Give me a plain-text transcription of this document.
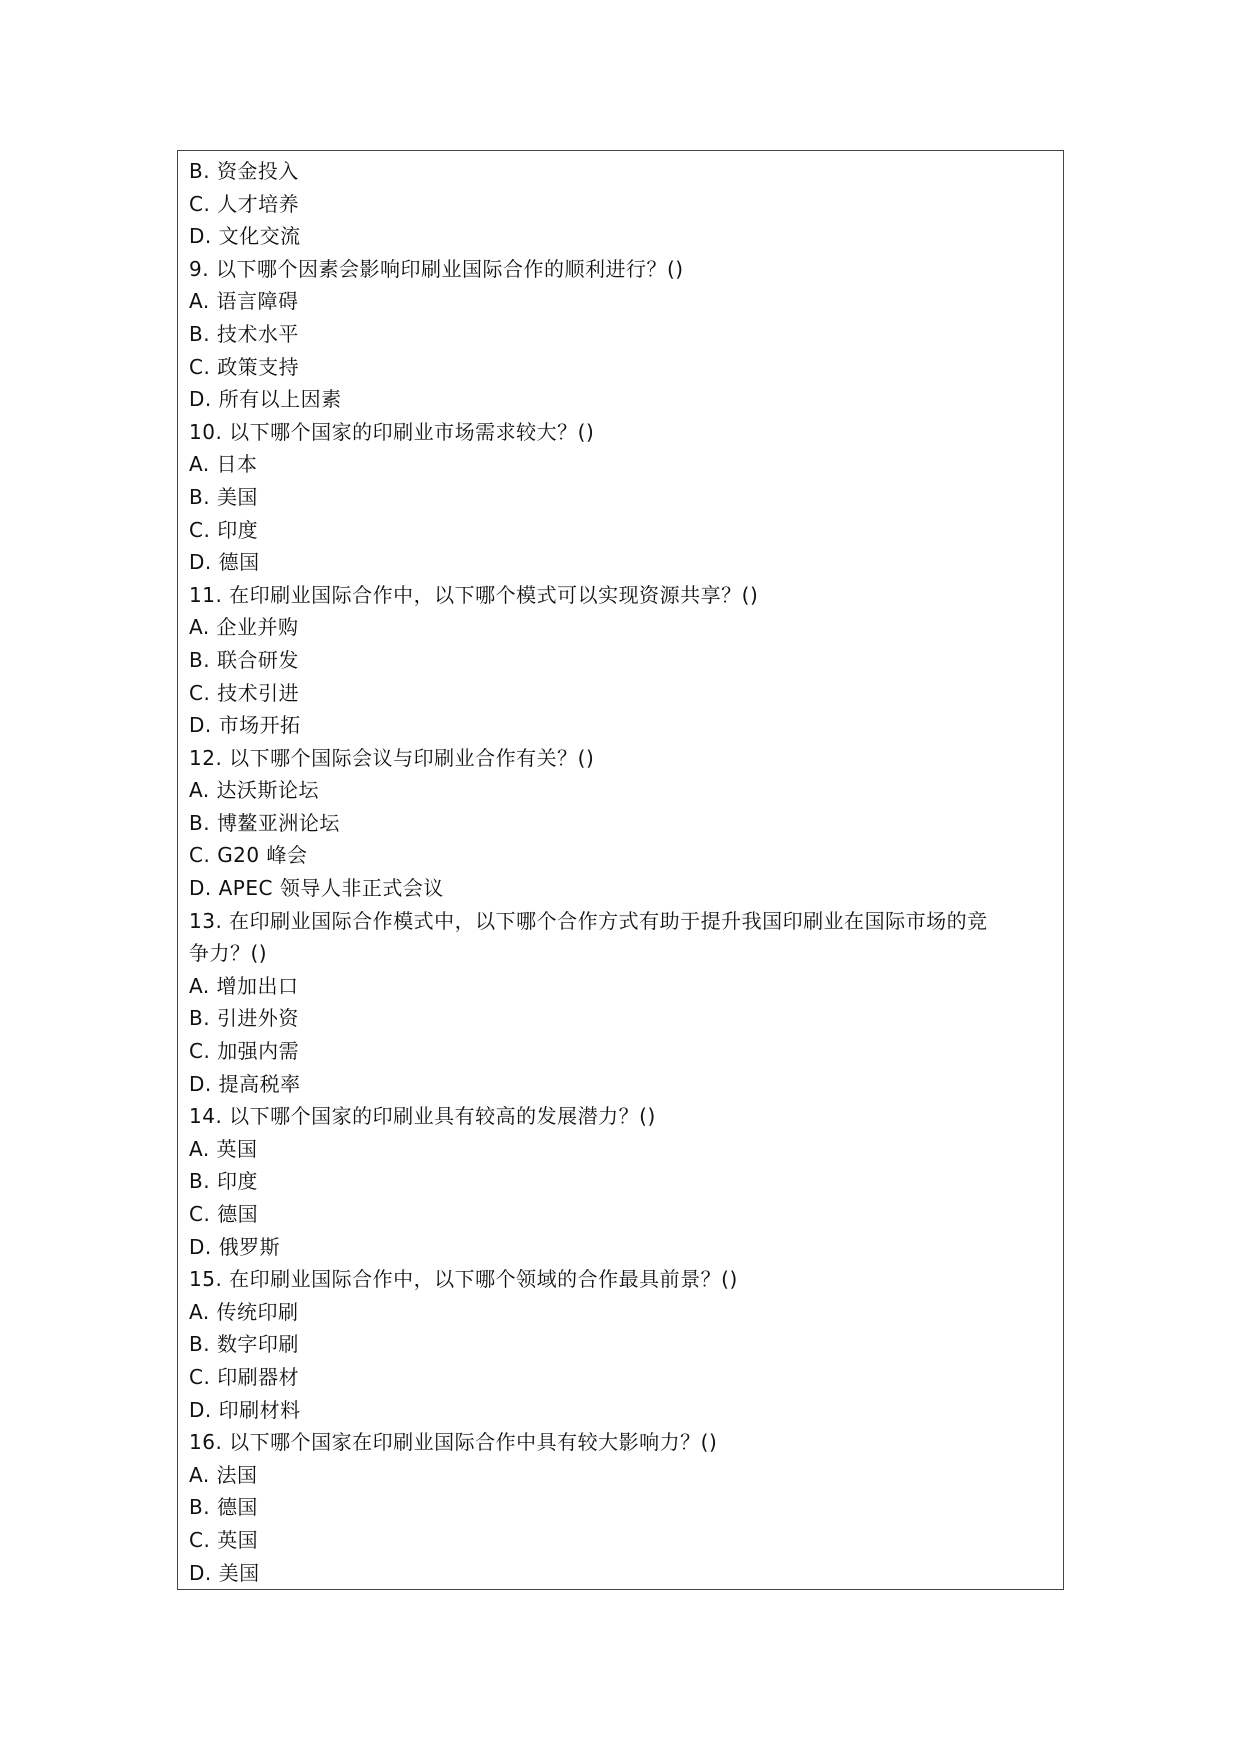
B. 资金投入
C. 人才培养
D. 文化交流
9. 以下哪个因素会影响印刷业国际合作的顺利进行？()
A. 语言障碍
B. 技术水平
C. 政策支持
D. 所有以上因素
10. 以下哪个国家的印刷业市场需求较大？()
A. 日本
B. 美国
C. 印度
D. 德国
11. 在印刷业国际合作中，以下哪个模式可以实现资源共享？()
A. 企业并购
B. 联合研发
C. 技术引进
D. 市场开拓
12. 以下哪个国际会议与印刷业合作有关？()
A. 达沃斯论坛
B. 博鳌亚洲论坛
C. G20 峰会
D. APEC 领导人非正式会议
13. 在印刷业国际合作模式中，以下哪个合作方式有助于提升我国印刷业在国际市场的竞
争力？()
A. 增加出口
B. 引进外资
C. 加强内需
D. 提高税率
14. 以下哪个国家的印刷业具有较高的发展潜力？()
A. 英国
B. 印度
C. 德国
D. 俄罗斯
15. 在印刷业国际合作中，以下哪个领域的合作最具前景？()
A. 传统印刷
B. 数字印刷
C. 印刷器材
D. 印刷材料
16. 以下哪个国家在印刷业国际合作中具有较大影响力？()
A. 法国
B. 德国
C. 英国
D. 美国
